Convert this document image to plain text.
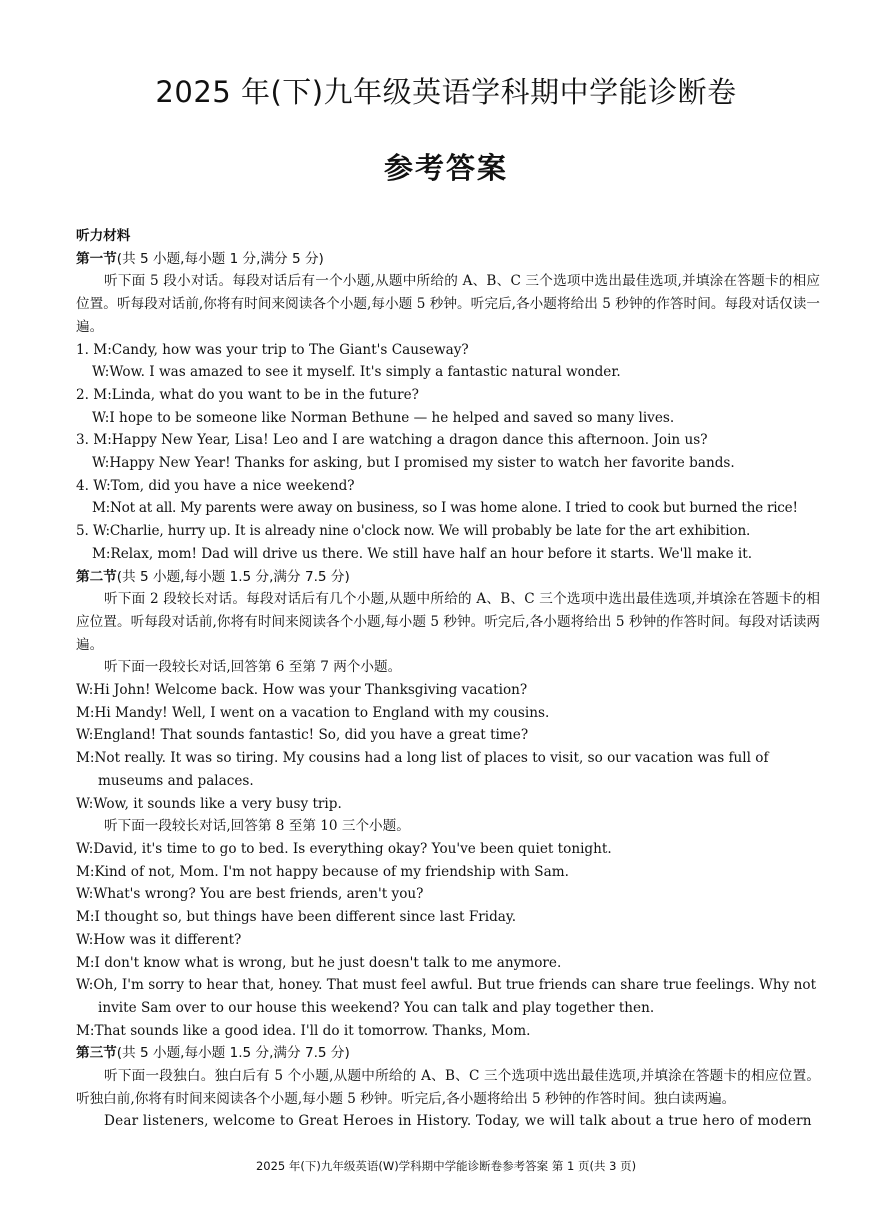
2025 年(下)九年级英语学科期中学能诊断卷
参考答案

听力材料

第一节(共 5 小题,每小题 1 分,满分 5 分)

听下面 5 段小对话。每段对话后有一个小题,从题中所给的 A、B、C 三个选项中选出最佳选项,并填涂在答题卡的相应位置。听每段对话前,你将有时间来阅读各个小题,每小题 5 秒钟。听完后,各小题将给出 5 秒钟的作答时间。每段对话仅读一遍。

1. M:Candy, how was your trip to The Giant's Causeway?

W:Wow. I was amazed to see it myself. It's simply a fantastic natural wonder.

2. M:Linda, what do you want to be in the future?

W:I hope to be someone like Norman Bethune — he helped and saved so many lives.

3. M:Happy New Year, Lisa! Leo and I are watching a dragon dance this afternoon. Join us?

W:Happy New Year! Thanks for asking, but I promised my sister to watch her favorite bands.

4. W:Tom, did you have a nice weekend?

M:Not at all. My parents were away on business, so I was home alone. I tried to cook but burned the rice!

5. W:Charlie, hurry up. It is already nine o'clock now. We will probably be late for the art exhibition.

M:Relax, mom! Dad will drive us there. We still have half an hour before it starts. We'll make it.

第二节(共 5 小题,每小题 1.5 分,满分 7.5 分)

听下面 2 段较长对话。每段对话后有几个小题,从题中所给的 A、B、C 三个选项中选出最佳选项,并填涂在答题卡的相应位置。听每段对话前,你将有时间来阅读各个小题,每小题 5 秒钟。听完后,各小题将给出 5 秒钟的作答时间。每段对话读两遍。

听下面一段较长对话,回答第 6 至第 7 两个小题。

W:Hi John! Welcome back. How was your Thanksgiving vacation?

M:Hi Mandy! Well, I went on a vacation to England with my cousins.

W:England! That sounds fantastic! So, did you have a great time?

M:Not really. It was so tiring. My cousins had a long list of places to visit, so our vacation was full of museums and palaces.

W:Wow, it sounds like a very busy trip.

听下面一段较长对话,回答第 8 至第 10 三个小题。

W:David, it's time to go to bed. Is everything okay? You've been quiet tonight.

M:Kind of not, Mom. I'm not happy because of my friendship with Sam.

W:What's wrong? You are best friends, aren't you?

M:I thought so, but things have been different since last Friday.

W:How was it different?

M:I don't know what is wrong, but he just doesn't talk to me anymore.

W:Oh, I'm sorry to hear that, honey. That must feel awful. But true friends can share true feelings. Why not invite Sam over to our house this weekend? You can talk and play together then.

M:That sounds like a good idea. I'll do it tomorrow. Thanks, Mom.

第三节(共 5 小题,每小题 1.5 分,满分 7.5 分)

听下面一段独白。独白后有 5 个小题,从题中所给的 A、B、C 三个选项中选出最佳选项,并填涂在答题卡的相应位置。听独白前,你将有时间来阅读各个小题,每小题 5 秒钟。听完后,各小题将给出 5 秒钟的作答时间。独白读两遍。

Dear listeners, welcome to Great Heroes in History. Today, we will talk about a true hero of modern

2025 年(下)九年级英语(W)学科期中学能诊断卷参考答案 第 1 页(共 3 页)
